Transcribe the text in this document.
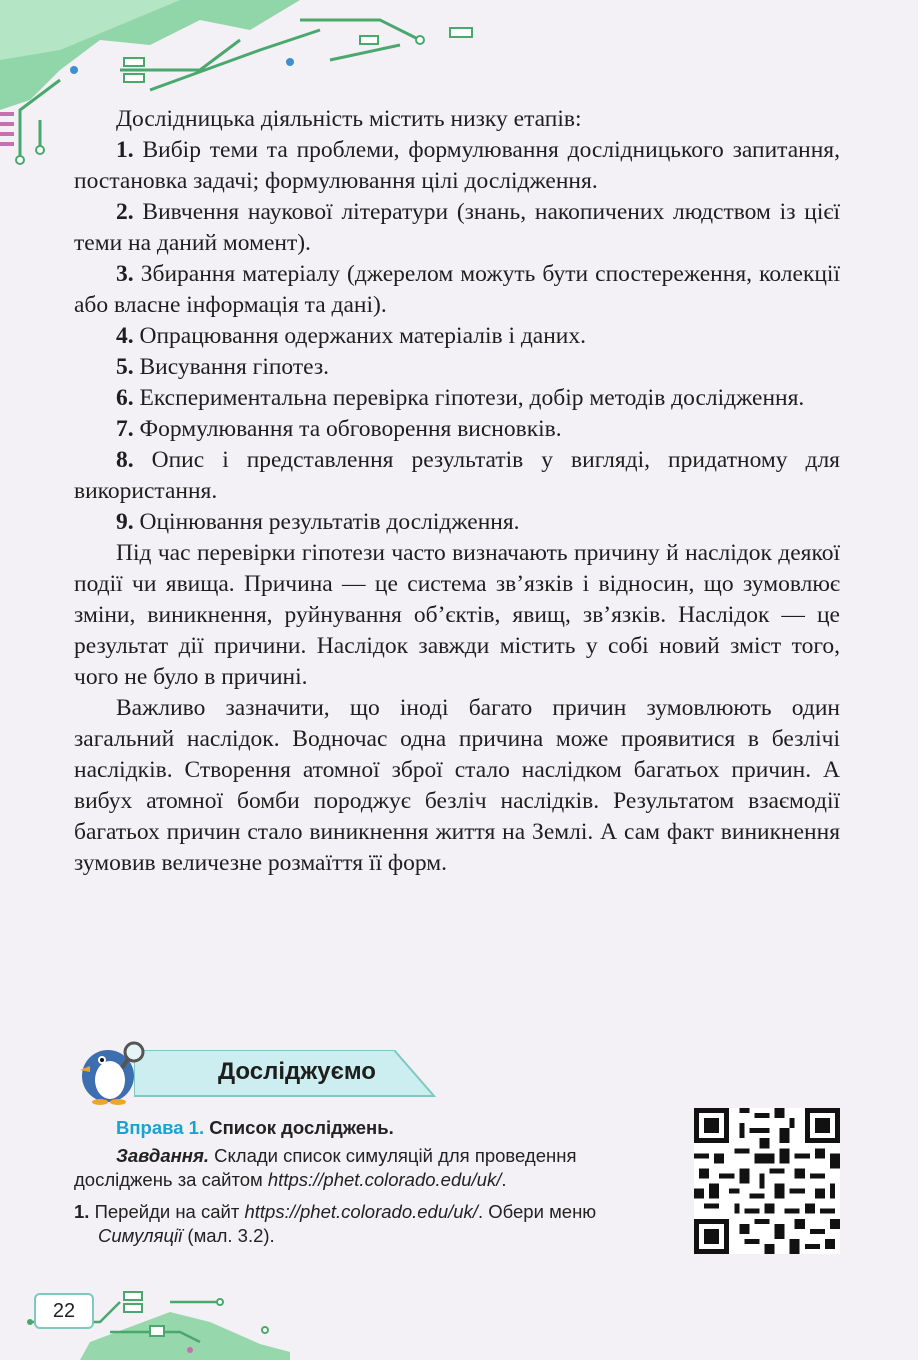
Дослідницька діяльність містить низку етапів:

1. Вибір теми та проблеми, формулювання дослідницького запитання, постановка задачі; формулювання цілі дослідження.

2. Вивчення наукової літератури (знань, накопичених людством із цієї теми на даний момент).

3. Збирання матеріалу (джерелом можуть бути спостереження, колекції або власне інформація та дані).

4. Опрацювання одержаних матеріалів і даних.

5. Висування гіпотез.

6. Експериментальна перевірка гіпотези, добір методів дослідження.

7. Формулювання та обговорення висновків.

8. Опис і представлення результатів у вигляді, придатному для використання.

9. Оцінювання результатів дослідження.

Під час перевірки гіпотези часто визначають причину й наслідок деякої події чи явища. Причина — це система зв’язків і відносин, що зумовлює зміни, виникнення, руйнування об’єктів, явищ, зв’язків. Наслідок — це результат дії причини. Наслідок завжди містить у собі новий зміст того, чого не було в причині.

Важливо зазначити, що іноді багато причин зумовлюють один загальний наслідок. Водночас одна причина може проявитися в безлічі наслідків. Створення атомної зброї стало наслідком багатьох причин. А вибух атомної бомби породжує безліч наслідків. Результатом взаємодії багатьох причин стало виникнення життя на Землі. А сам факт виникнення зумовив величезне розмаїття її форм.

Досліджуємо

Вправа 1. Список досліджень.

Завдання. Склади список симуляцій для проведення досліджень за сайтом https://phet.colorado.edu/uk/.

1. Перейди на сайт https://phet.colorado.edu/uk/. Обери меню Симуляції (мал. 3.2).

22
